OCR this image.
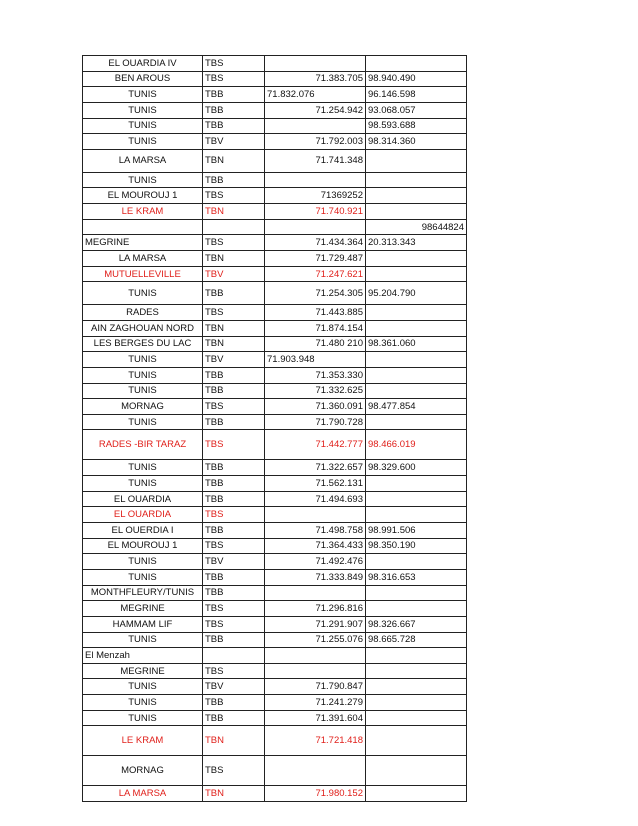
EL OUARDIA IV	TBS		
BEN AROUS	TBS	71.383.705	98.940.490
TUNIS	TBB	71.832.076	96.146.598
TUNIS	TBB	71.254.942	93.068.057
TUNIS	TBB		98.593.688
TUNIS	TBV	71.792.003	98.314.360
LA MARSA	TBN	71.741.348	
TUNIS	TBB		
EL MOUROUJ 1	TBS	71369252	
LE KRAM	TBN	71.740.921	
			98644824
MEGRINE	TBS	71.434.364	20.313.343
LA MARSA	TBN	71.729.487	
MUTUELLEVILLE	TBV	71.247.621	
TUNIS	TBB	71.254.305	95.204.790
RADES	TBS	71.443.885	
AIN ZAGHOUAN NORD	TBN	71.874.154	
LES BERGES DU LAC	TBN	71.480 210	98.361.060
TUNIS	TBV	71.903.948	
TUNIS	TBB	71.353.330	
TUNIS	TBB	71.332.625	
MORNAG	TBS	71.360.091	98.477.854
TUNIS	TBB	71.790.728	
RADES -BIR TARAZ	TBS	71.442.777	98.466.019
TUNIS	TBB	71.322.657	98.329.600
TUNIS	TBB	71.562.131	
EL OUARDIA	TBB	71.494.693	
EL OUARDIA	TBS		
EL OUERDIA I	TBB	71.498.758	98.991.506
EL MOUROUJ 1	TBS	71.364.433	98.350.190
TUNIS	TBV	71.492.476	
TUNIS	TBB	71.333.849	98.316.653
MONTHFLEURY/TUNIS	TBB		
MEGRINE	TBS	71.296.816	
HAMMAM LIF	TBS	71.291.907	98.326.667
TUNIS	TBB	71.255.076	98.665.728
El Menzah			
MEGRINE	TBS		
TUNIS	TBV	71.790.847	
TUNIS	TBB	71.241.279	
TUNIS	TBB	71.391.604	
LE KRAM	TBN	71.721.418	
MORNAG	TBS		
LA MARSA	TBN	71.980.152	
